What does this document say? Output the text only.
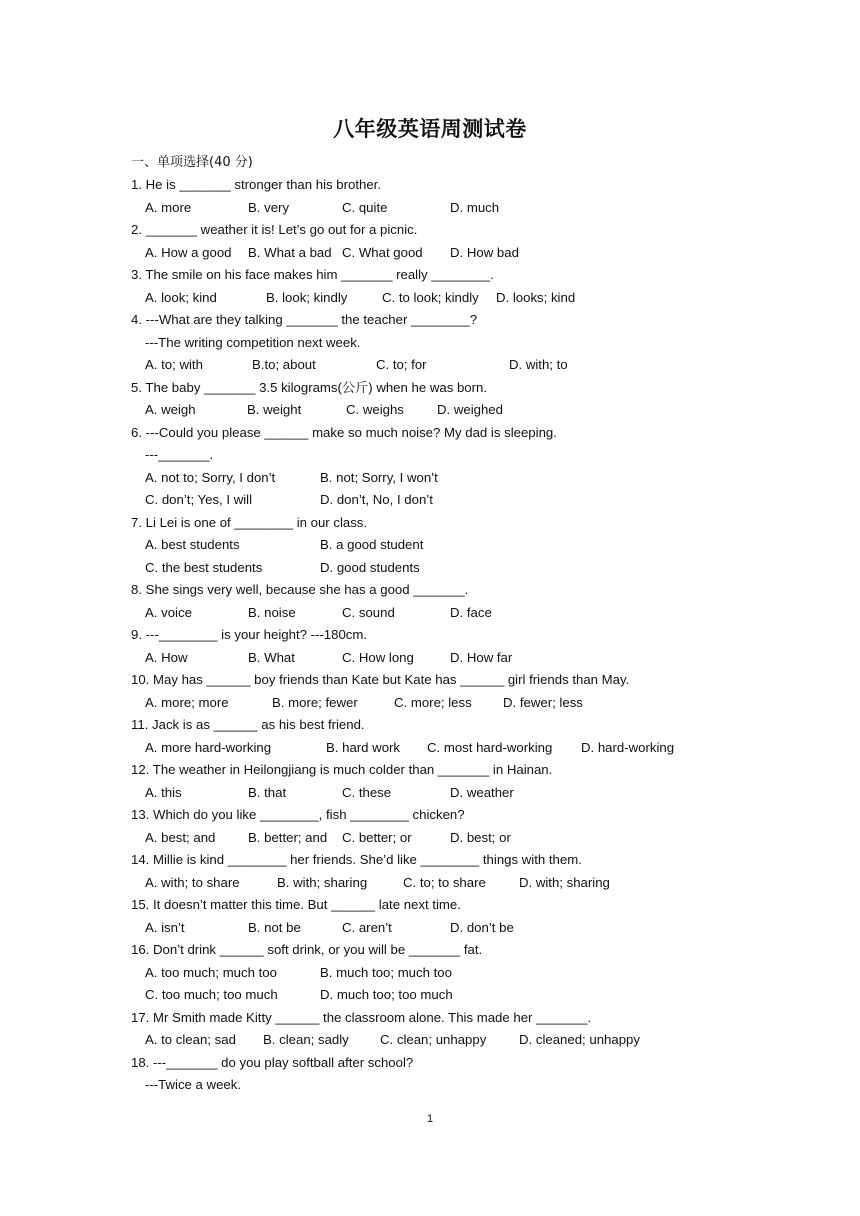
八年级英语周测试卷
一、单项选择(40 分)
1. He is _______ stronger than his brother.
A. more	B. very	C. quite	D. much
2. _______ weather it is! Let’s go out for a picnic.
A. How a good B. What a bad C. What good D. How bad
3. The smile on his face makes him _______ really ________.
A. look; kind	B. look; kindly	C. to look; kindly D. looks; kind
4. ---What are they talking _______ the teacher ________?
---The writing competition next week.
A. to; with	B.to; about	C. to; for	D. with; to
5. The baby _______ 3.5 kilograms(公斤) when he was born.
A. weigh	B. weight	C. weighs	D. weighed
6. ---Could you please ______ make so much noise? My dad is sleeping.
---_______.
A. not to; Sorry, I don’t	B. not; Sorry, I won’t
C. don’t; Yes, I will	D. don’t, No, I don’t
7. Li Lei is one of ________ in our class.
A. best students	B. a good student
C. the best students	D. good students
8. She sings very well, because she has a good _______.
A. voice	B. noise	C. sound	D. face
9. ---________ is your height? ---180cm.
A. How	B. What	C. How long	D. How far
10. May has ______ boy friends than Kate but Kate has ______ girl friends than May.
A. more; more	B. more; fewer	C. more; less D. fewer; less
11. Jack is as ______ as his best friend.
A. more hard-working	B. hard work C. most hard-working D. hard-working
12. The weather in Heilongjiang is much colder than _______ in Hainan.
A. this	B. that	C. these	D. weather
13. Which do you like ________, fish ________ chicken?
A. best; and B. better; and C. better; or	D. best; or
14. Millie is kind ________ her friends. She’d like ________ things with them.
A. with; to share	B. with; sharing	C. to; to share	D. with; sharing
15. It doesn’t matter this time. But ______ late next time.
A. isn’t	B. not be	C. aren’t	D. don’t be
16. Don’t drink ______ soft drink, or you will be _______ fat.
A. too much; much too	B. much too; much too
C. too much; too much	D. much too; too much
17. Mr Smith made Kitty ______ the classroom alone. This made her _______.
A. to clean; sad B. clean; sadly C. clean; unhappy D. cleaned; unhappy
18. ---_______ do you play softball after school?
---Twice a week.
1
